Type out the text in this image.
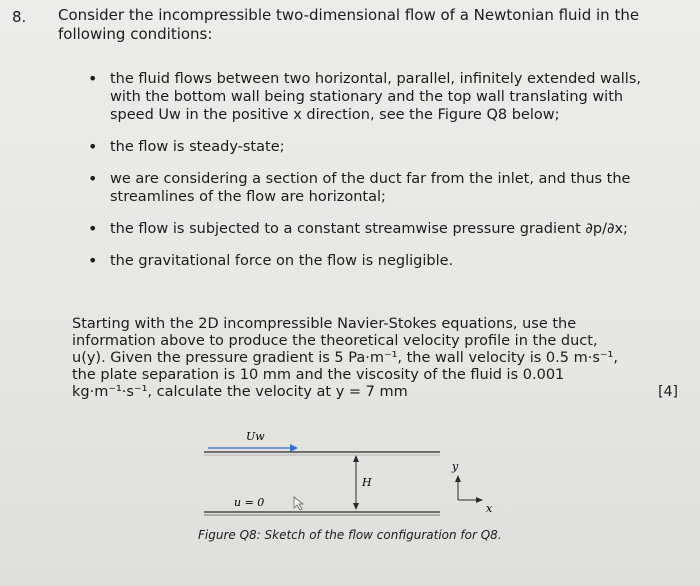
8. Consider the incompressible two-dimensional flow of a Newtonian fluid in the following conditions:
• the fluid flows between two horizontal, parallel, infinitely extended walls, with the bottom wall being stationary and the top wall translating with speed Uw in the positive x direction, see the Figure Q8 below;
• the flow is steady-state;
• we are considering a section of the duct far from the inlet, and thus the streamlines of the flow are horizontal;
• the flow is subjected to a constant streamwise pressure gradient ∂p/∂x;
• the gravitational force on the flow is negligible.
Starting with the 2D incompressible Navier-Stokes equations, use the information above to produce the theoretical velocity profile in the duct, u(y). Given the pressure gradient is 5 Pa·m⁻¹, the wall velocity is 0.5 m·s⁻¹, the plate separation is 10 mm and the viscosity of the fluid is 0.001 kg·m⁻¹·s⁻¹, calculate the velocity at y = 7 mm	[4]
Uw
H
u = 0
y
x
Figure Q8: Sketch of the flow configuration for Q8.
